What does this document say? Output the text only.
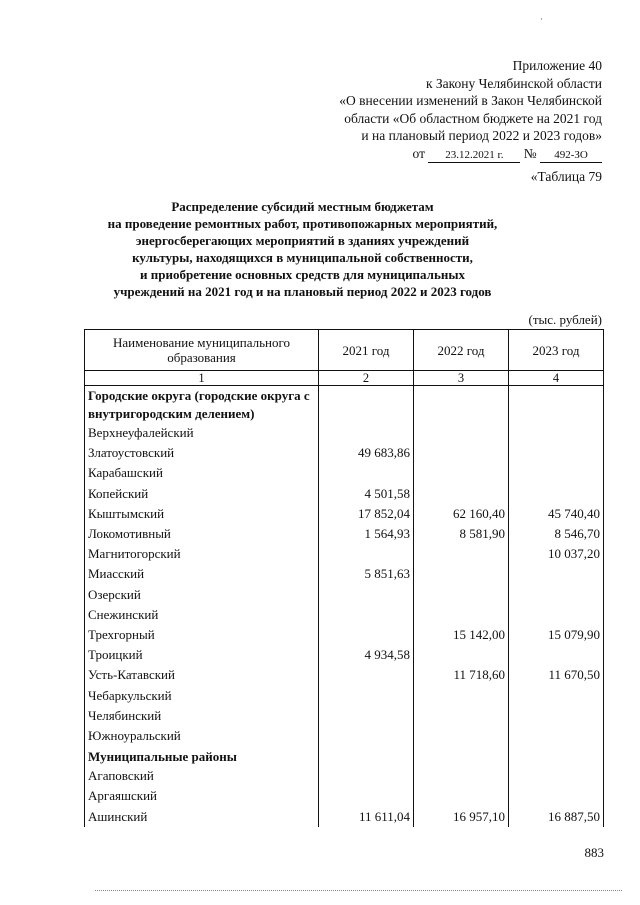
·
Приложение 40
к Закону Челябинской области
«О внесении изменений в Закон Челябинской
области «Об областном бюджете на 2021 год
и на плановый период 2022 и 2023 годов»
от 23.12.2021 г. № 492-ЗО
«Таблица 79
Распределение субсидий местным бюджетам
на проведение ремонтных работ, противопожарных мероприятий,
энергосберегающих мероприятий в зданиях учреждений
культуры, находящихся в муниципальной собственности,
и приобретение основных средств для муниципальных
учреждений на 2021 год и на плановый период 2022 и 2023 годов
(тыс. рублей)
Наименование муниципального образования	2021 год	2022 год	2023 год
1	2	3	4
Городские округа (городские округа с внутригородским делением)			
Верхнеуфалейский			
Златоустовский	49 683,86		
Карабашский			
Копейский	4 501,58		
Кыштымский	17 852,04	62 160,40	45 740,40
Локомотивный	1 564,93	8 581,90	8 546,70
Магнитогорский			10 037,20
Миасский	5 851,63		
Озерский			
Снежинский			
Трехгорный		15 142,00	15 079,90
Троицкий	4 934,58		
Усть-Катавский		11 718,60	11 670,50
Чебаркульский			
Челябинский			
Южноуральский			
Муниципальные районы			
Агаповский			
Аргаяшский			
Ашинский	11 611,04	16 957,10	16 887,50
883
